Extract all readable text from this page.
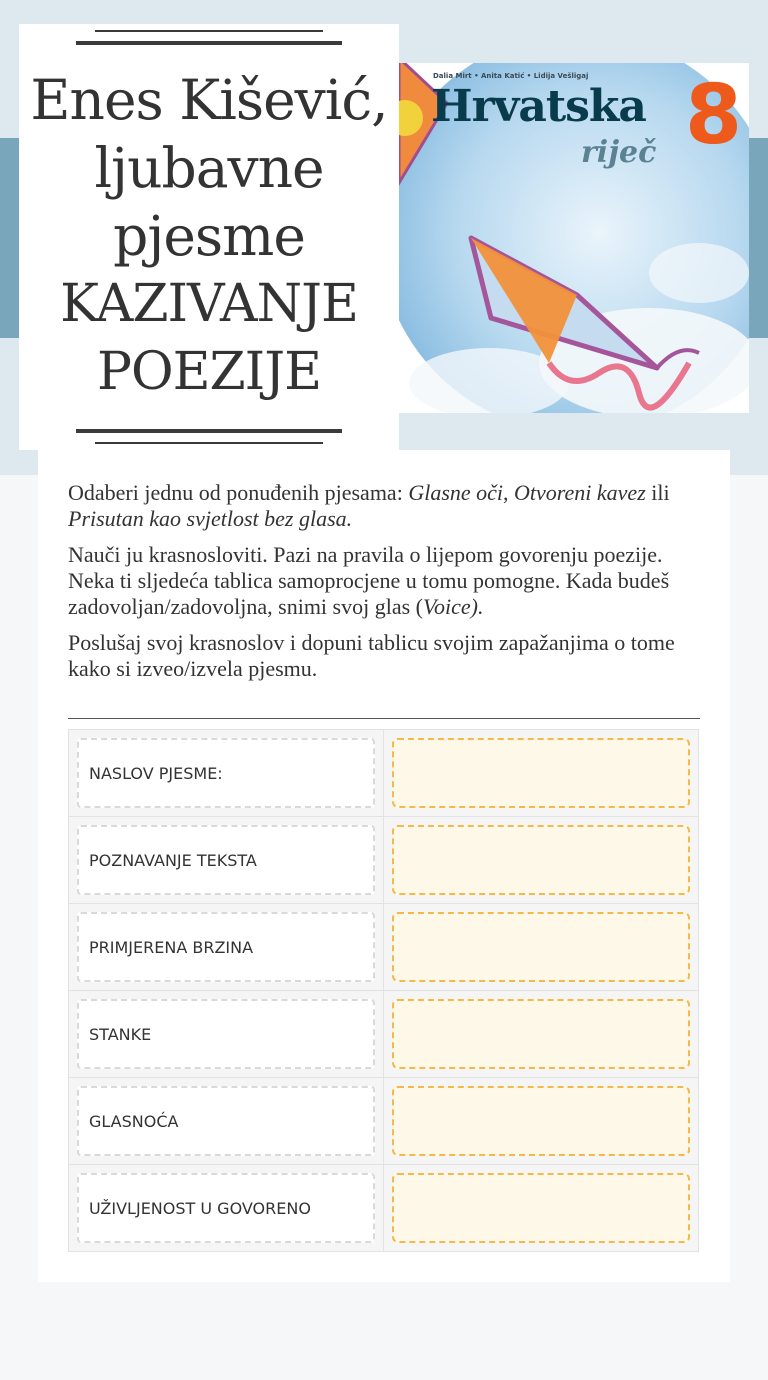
Enes Kišević,
ljubavne
pjesme
KAZIVANJE
POEZIJE
Dalia Mirt • Anita Katić • Lidija Vešligaj
Hrvatska
riječ 8

Odaberi jednu od ponuđenih pjesama: Glasne oči, Otvoreni kavez ili Prisutan kao svjetlost bez glasa.

Nauči ju krasnosloviti. Pazi na pravila o lijepom govorenju poezije. Neka ti sljedeća tablica samoprocjene u tomu pomogne. Kada budeš zadovoljan/zadovoljna, snimi svoj glas (Voice).

Poslušaj svoj krasnoslov i dopuni tablicu svojim zapažanjima o tome kako si izveo/izvela pjesmu.

NASLOV PJESME:
POZNAVANJE TEKSTA
PRIMJERENA BRZINA
STANKE
GLASNOĆA
UŽIVLJENOST U GOVORENO
